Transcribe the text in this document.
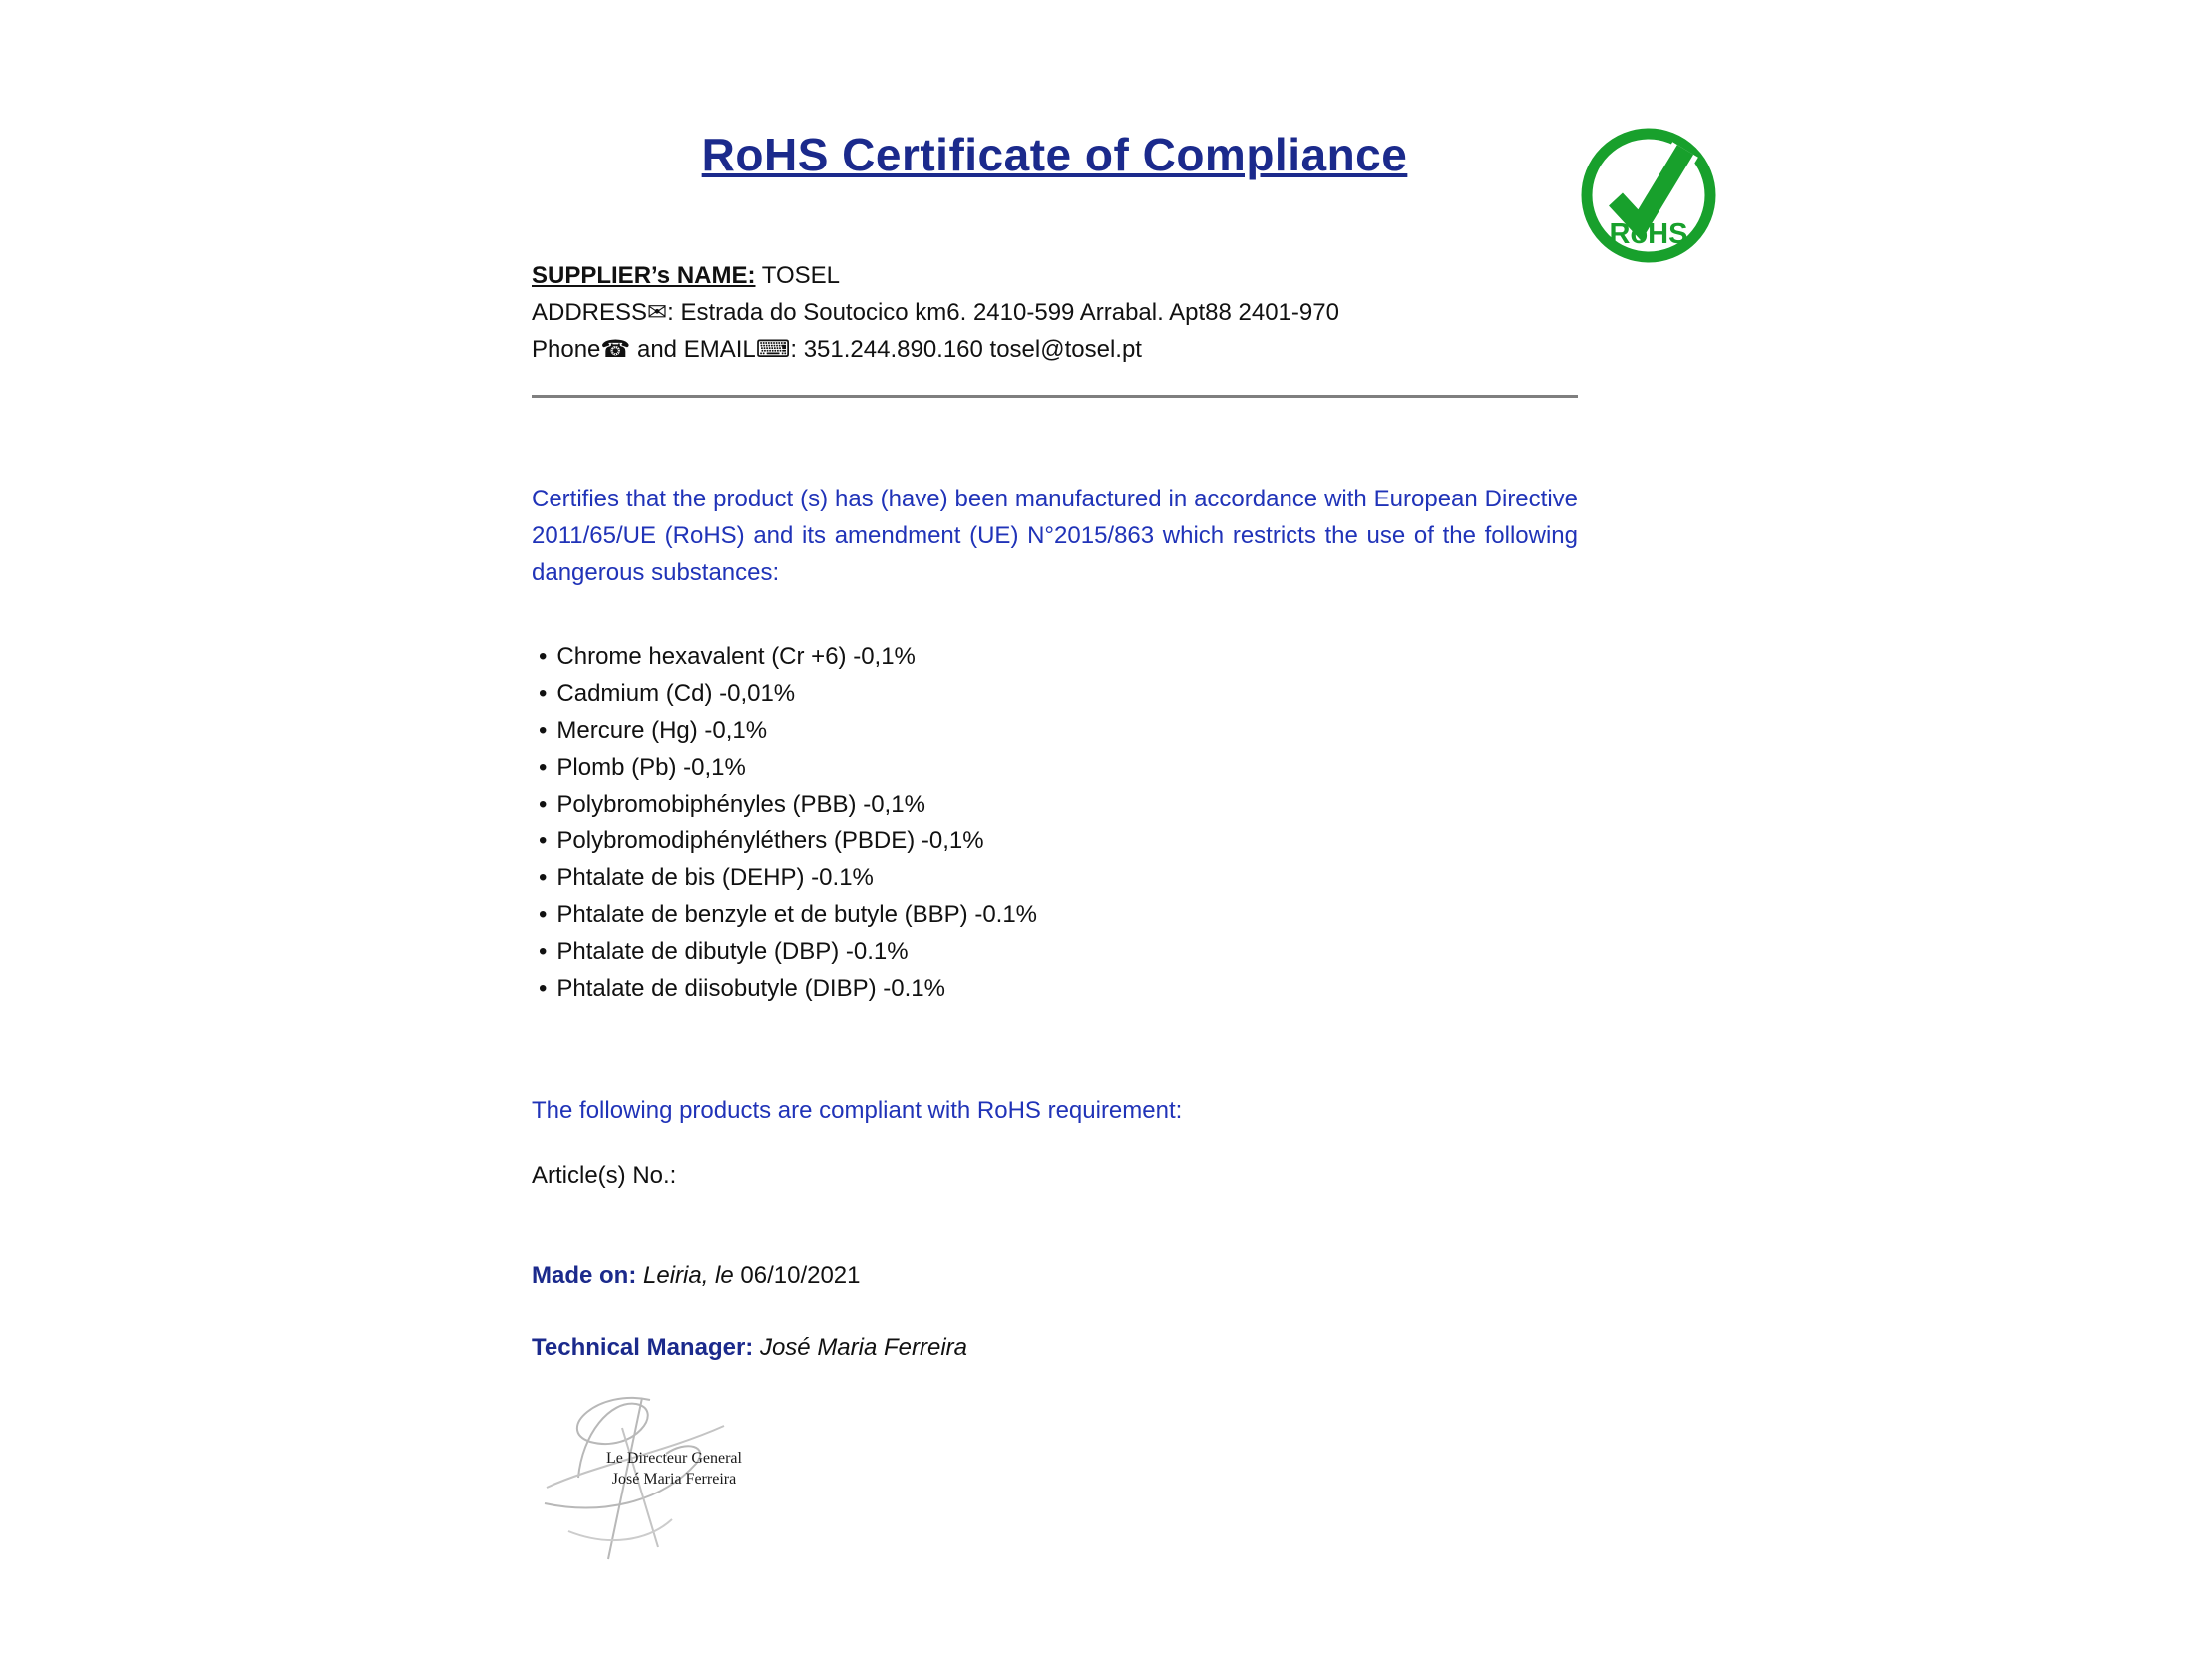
RoHS Certificate of Compliance
RoHS
SUPPLIER’s NAME: TOSEL
ADDRESS✉: Estrada do Soutocico km6. 2410-599 Arrabal. Apt88 2401-970
Phone☎ and EMAIL⌨: 351.244.890.160 tosel@tosel.pt

Certifies that the product (s) has (have) been manufactured in accordance with European Directive 2011/65/UE (RoHS) and its amendment (UE) N°2015/863 which restricts the use of the following dangerous substances:

• Chrome hexavalent (Cr +6) -0,1%
• Cadmium (Cd) -0,01%
• Mercure (Hg) -0,1%
• Plomb (Pb) -0,1%
• Polybromobiphényles (PBB) -0,1%
• Polybromodiphényléthers (PBDE) -0,1%
• Phtalate de bis (DEHP) -0.1%
• Phtalate de benzyle et de butyle (BBP) -0.1%
• Phtalate de dibutyle (DBP) -0.1%
• Phtalate de diisobutyle (DIBP) -0.1%
The following products are compliant with RoHS requirement:
Article(s) No.:
Made on: Leiria, le 06/10/2021
Technical Manager: José Maria Ferreira
Le Directeur General
José Maria Ferreira
